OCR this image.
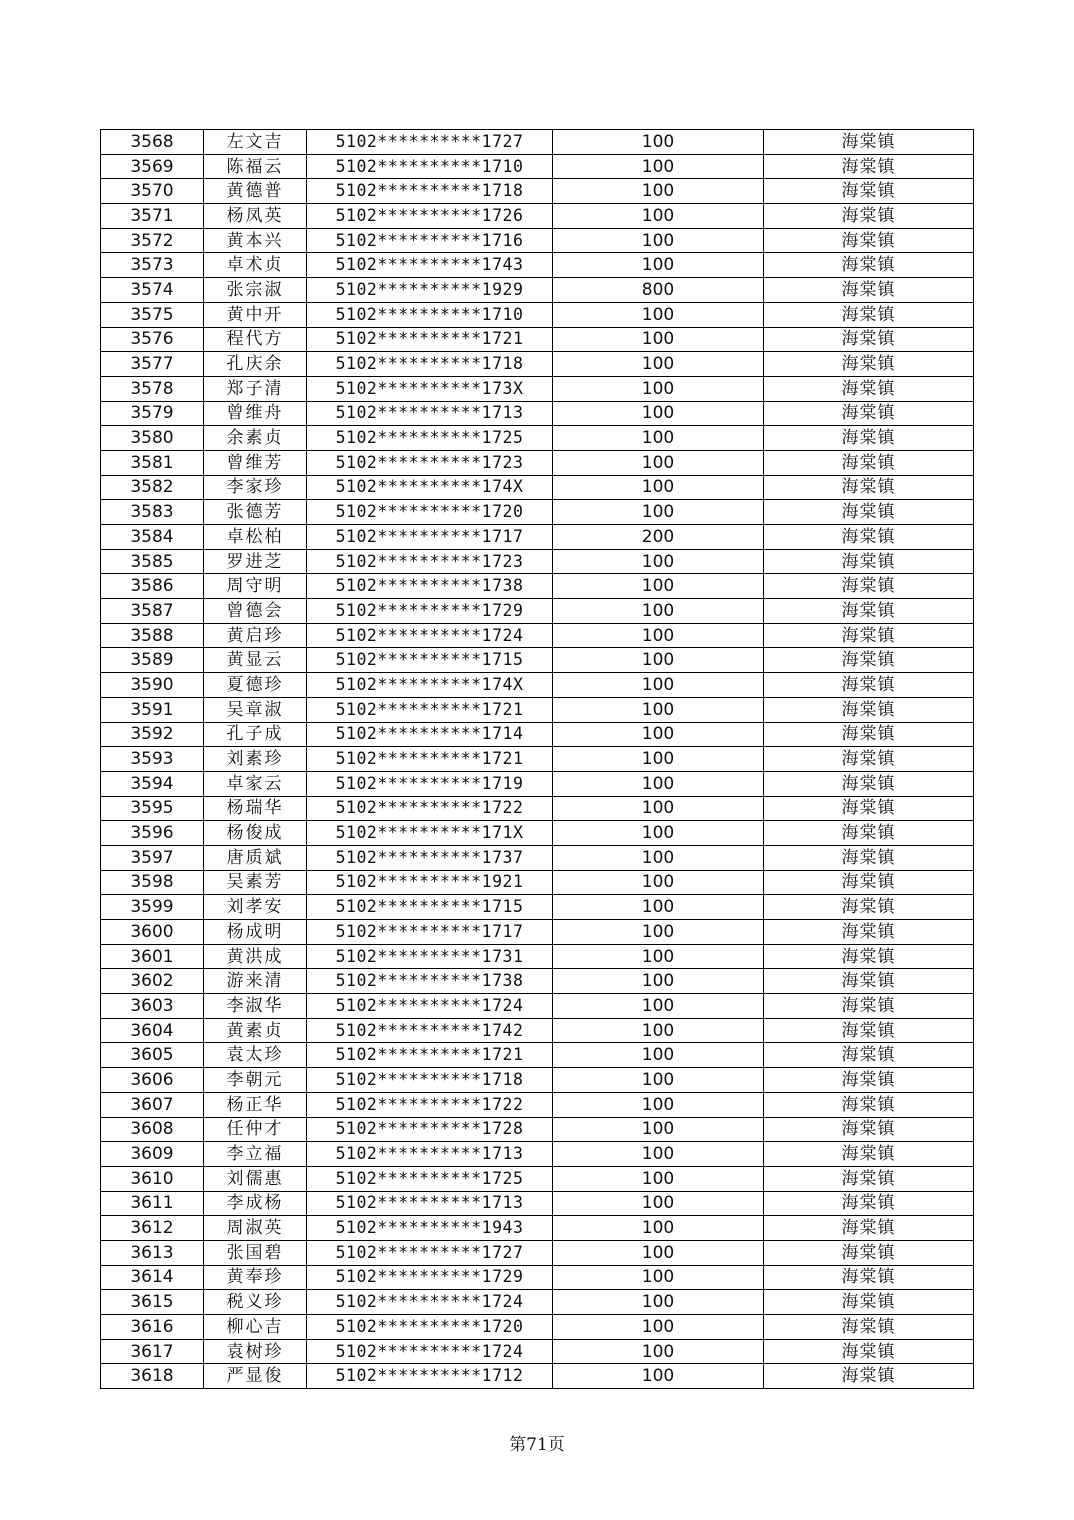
3568	左文吉	5102**********1727	100	海棠镇
3569	陈福云	5102**********1710	100	海棠镇
3570	黄德普	5102**********1718	100	海棠镇
3571	杨凤英	5102**********1726	100	海棠镇
3572	黄本兴	5102**********1716	100	海棠镇
3573	卓术贞	5102**********1743	100	海棠镇
3574	张宗淑	5102**********1929	800	海棠镇
3575	黄中开	5102**********1710	100	海棠镇
3576	程代方	5102**********1721	100	海棠镇
3577	孔庆余	5102**********1718	100	海棠镇
3578	郑子清	5102**********173X	100	海棠镇
3579	曾维舟	5102**********1713	100	海棠镇
3580	余素贞	5102**********1725	100	海棠镇
3581	曾维芳	5102**********1723	100	海棠镇
3582	李家珍	5102**********174X	100	海棠镇
3583	张德芳	5102**********1720	100	海棠镇
3584	卓松柏	5102**********1717	200	海棠镇
3585	罗进芝	5102**********1723	100	海棠镇
3586	周守明	5102**********1738	100	海棠镇
3587	曾德会	5102**********1729	100	海棠镇
3588	黄启珍	5102**********1724	100	海棠镇
3589	黄显云	5102**********1715	100	海棠镇
3590	夏德珍	5102**********174X	100	海棠镇
3591	吴章淑	5102**********1721	100	海棠镇
3592	孔子成	5102**********1714	100	海棠镇
3593	刘素珍	5102**********1721	100	海棠镇
3594	卓家云	5102**********1719	100	海棠镇
3595	杨瑞华	5102**********1722	100	海棠镇
3596	杨俊成	5102**********171X	100	海棠镇
3597	唐质斌	5102**********1737	100	海棠镇
3598	吴素芳	5102**********1921	100	海棠镇
3599	刘孝安	5102**********1715	100	海棠镇
3600	杨成明	5102**********1717	100	海棠镇
3601	黄洪成	5102**********1731	100	海棠镇
3602	游来清	5102**********1738	100	海棠镇
3603	李淑华	5102**********1724	100	海棠镇
3604	黄素贞	5102**********1742	100	海棠镇
3605	袁太珍	5102**********1721	100	海棠镇
3606	李朝元	5102**********1718	100	海棠镇
3607	杨正华	5102**********1722	100	海棠镇
3608	任仲才	5102**********1728	100	海棠镇
3609	李立福	5102**********1713	100	海棠镇
3610	刘儒惠	5102**********1725	100	海棠镇
3611	李成杨	5102**********1713	100	海棠镇
3612	周淑英	5102**********1943	100	海棠镇
3613	张国碧	5102**********1727	100	海棠镇
3614	黄奉珍	5102**********1729	100	海棠镇
3615	税义珍	5102**********1724	100	海棠镇
3616	柳心吉	5102**********1720	100	海棠镇
3617	袁树珍	5102**********1724	100	海棠镇
3618	严显俊	5102**********1712	100	海棠镇
第71页
